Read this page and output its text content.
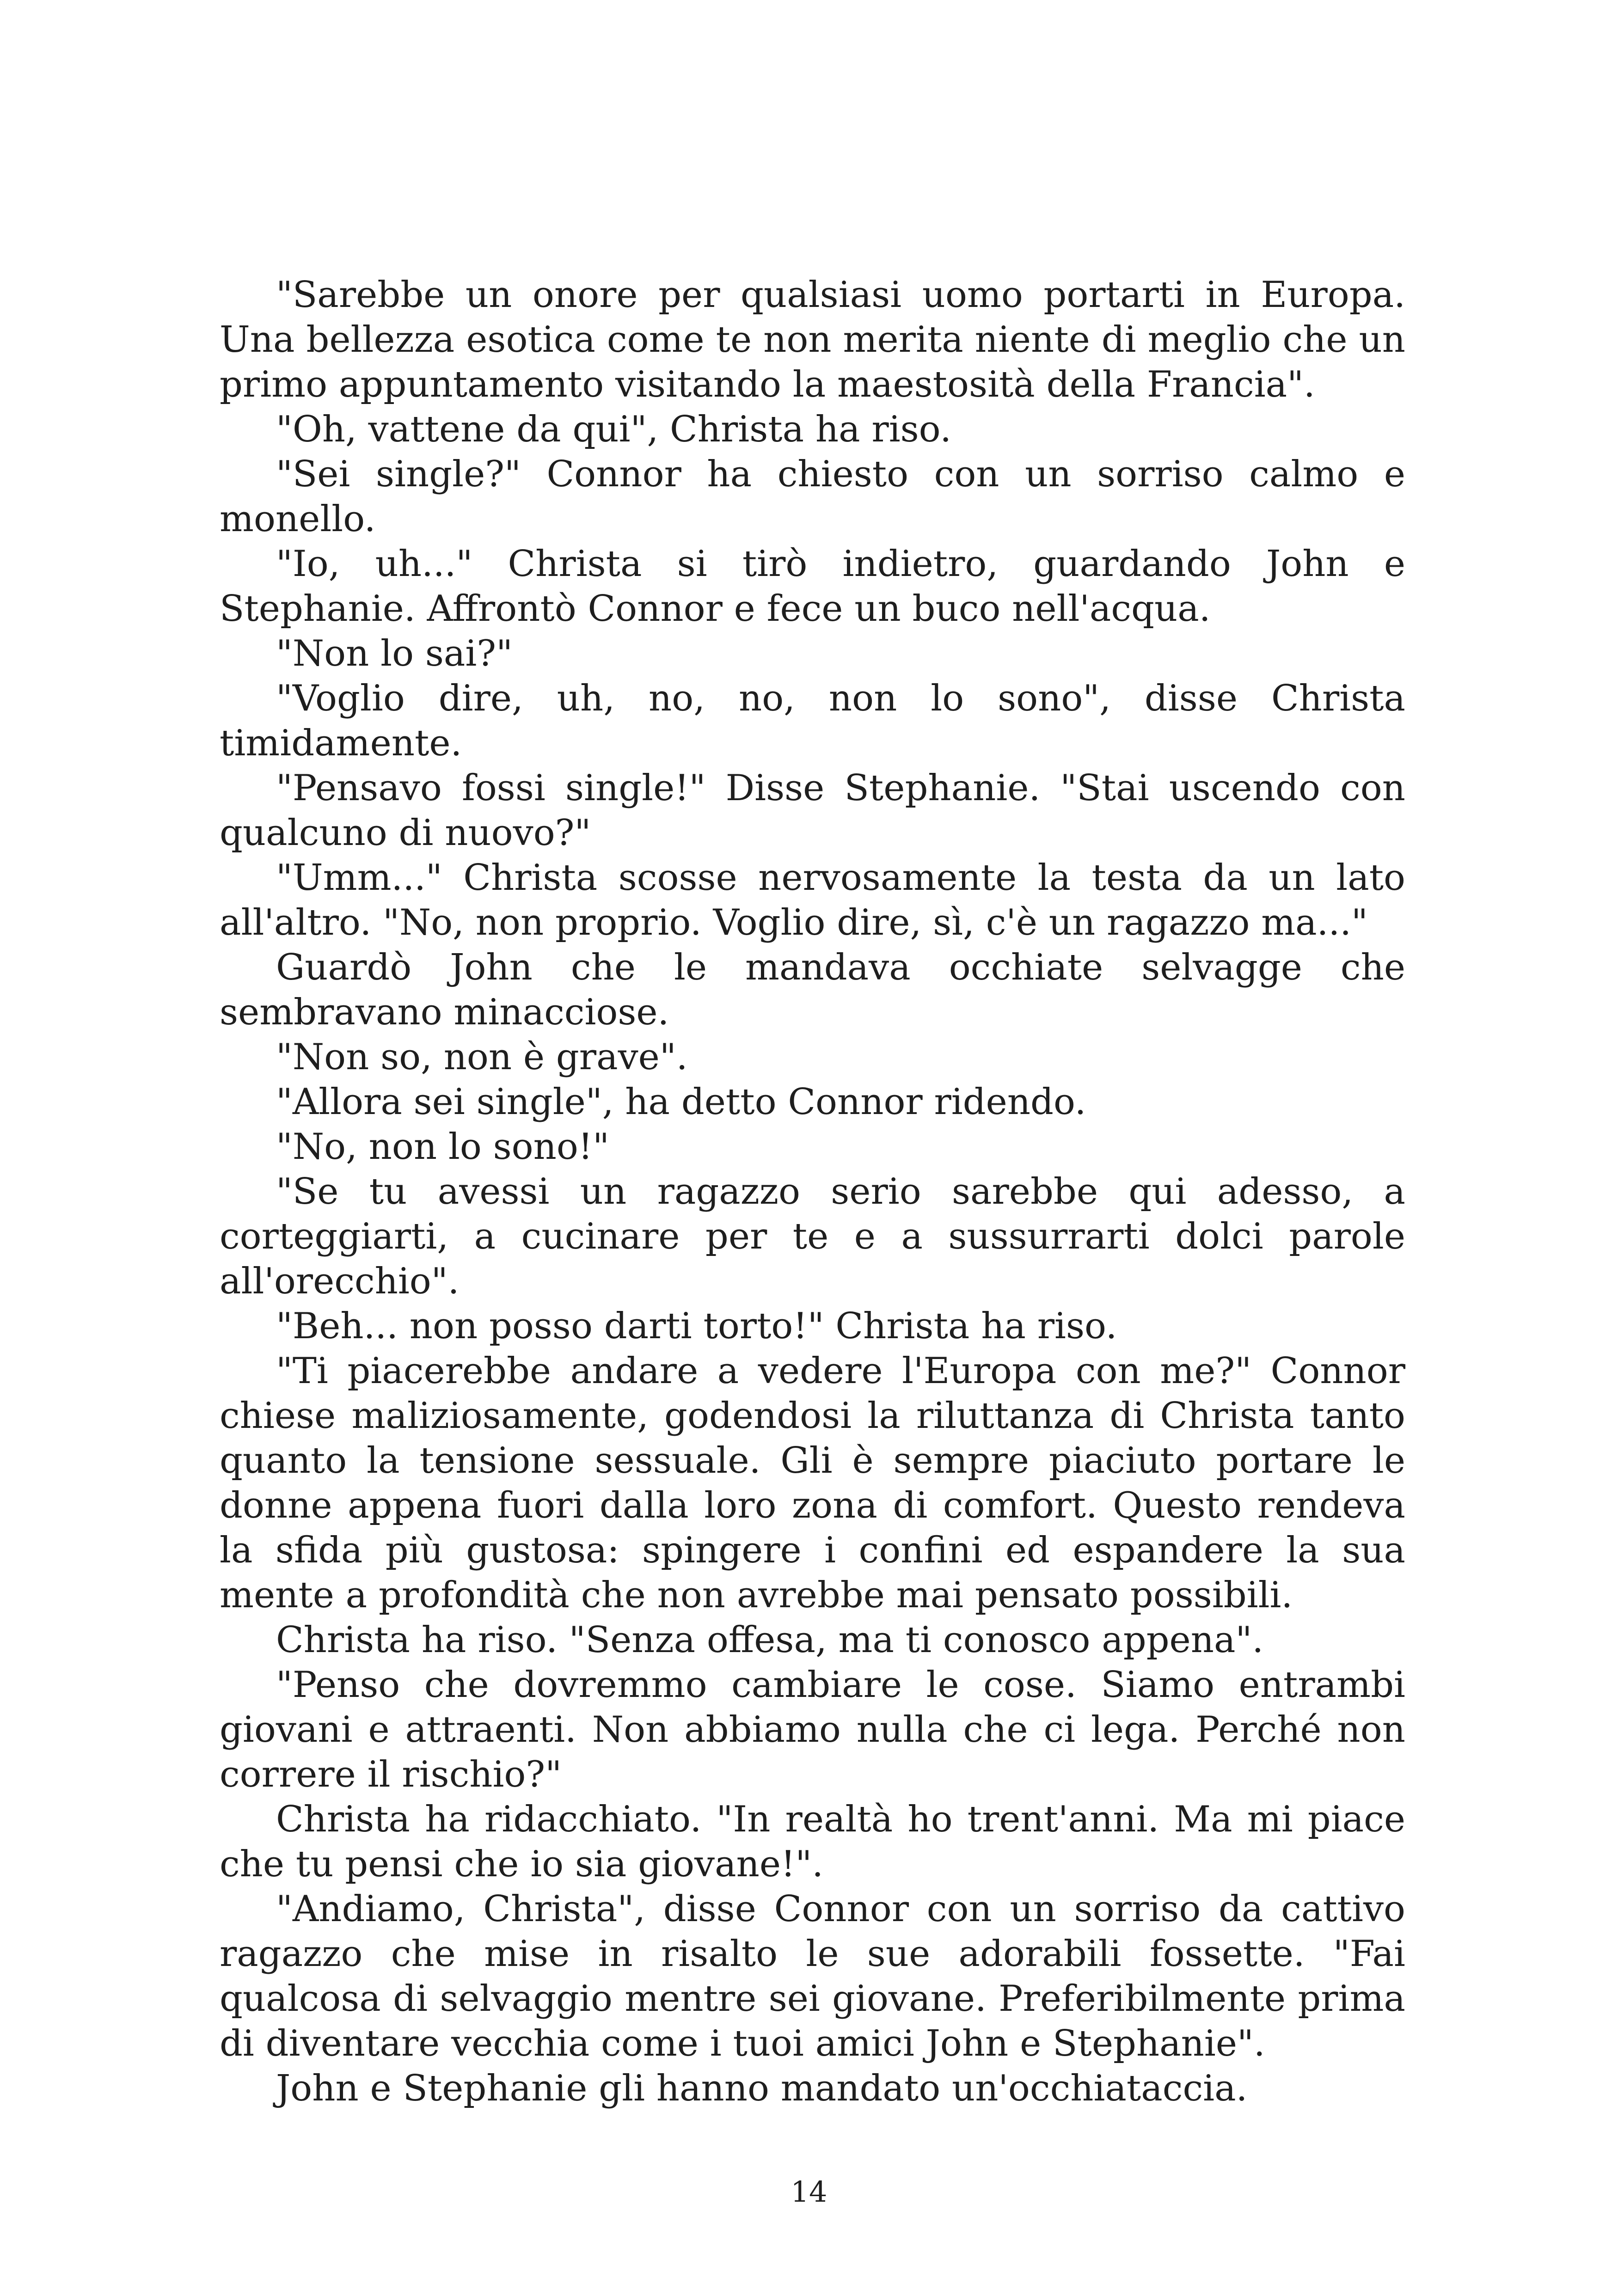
"Sarebbe un onore per qualsiasi uomo portarti in Europa. Una bellezza esotica come te non merita niente di meglio che un primo appuntamento visitando la maestosità della Francia".

"Oh, vattene da qui", Christa ha riso.

"Sei single?" Connor ha chiesto con un sorriso calmo e monello.

"Io, uh..." Christa si tirò indietro, guardando John e Stephanie. Affrontò Connor e fece un buco nell'acqua.

"Non lo sai?"

"Voglio dire, uh, no, no, non lo sono", disse Christa timidamente.

"Pensavo fossi single!" Disse Stephanie. "Stai uscendo con qualcuno di nuovo?"

"Umm..." Christa scosse nervosamente la testa da un lato all'altro. "No, non proprio. Voglio dire, sì, c'è un ragazzo ma..."

Guardò John che le mandava occhiate selvagge che sembravano minacciose.

"Non so, non è grave".

"Allora sei single", ha detto Connor ridendo.

"No, non lo sono!"

"Se tu avessi un ragazzo serio sarebbe qui adesso, a corteggiarti, a cucinare per te e a sussurrarti dolci parole all'orecchio".

"Beh... non posso darti torto!" Christa ha riso.

"Ti piacerebbe andare a vedere l'Europa con me?" Connor chiese maliziosamente, godendosi la riluttanza di Christa tanto quanto la tensione sessuale. Gli è sempre piaciuto portare le donne appena fuori dalla loro zona di comfort. Questo rendeva la sfida più gustosa: spingere i confini ed espandere la sua mente a profondità che non avrebbe mai pensato possibili.

Christa ha riso. "Senza offesa, ma ti conosco appena".

"Penso che dovremmo cambiare le cose. Siamo entrambi giovani e attraenti. Non abbiamo nulla che ci lega. Perché non correre il rischio?"

Christa ha ridacchiato. "In realtà ho trent'anni. Ma mi piace che tu pensi che io sia giovane!".

"Andiamo, Christa", disse Connor con un sorriso da cattivo ragazzo che mise in risalto le sue adorabili fossette. "Fai qualcosa di selvaggio mentre sei giovane. Preferibilmente prima di diventare vecchia come i tuoi amici John e Stephanie".

John e Stephanie gli hanno mandato un'occhiataccia.

14
